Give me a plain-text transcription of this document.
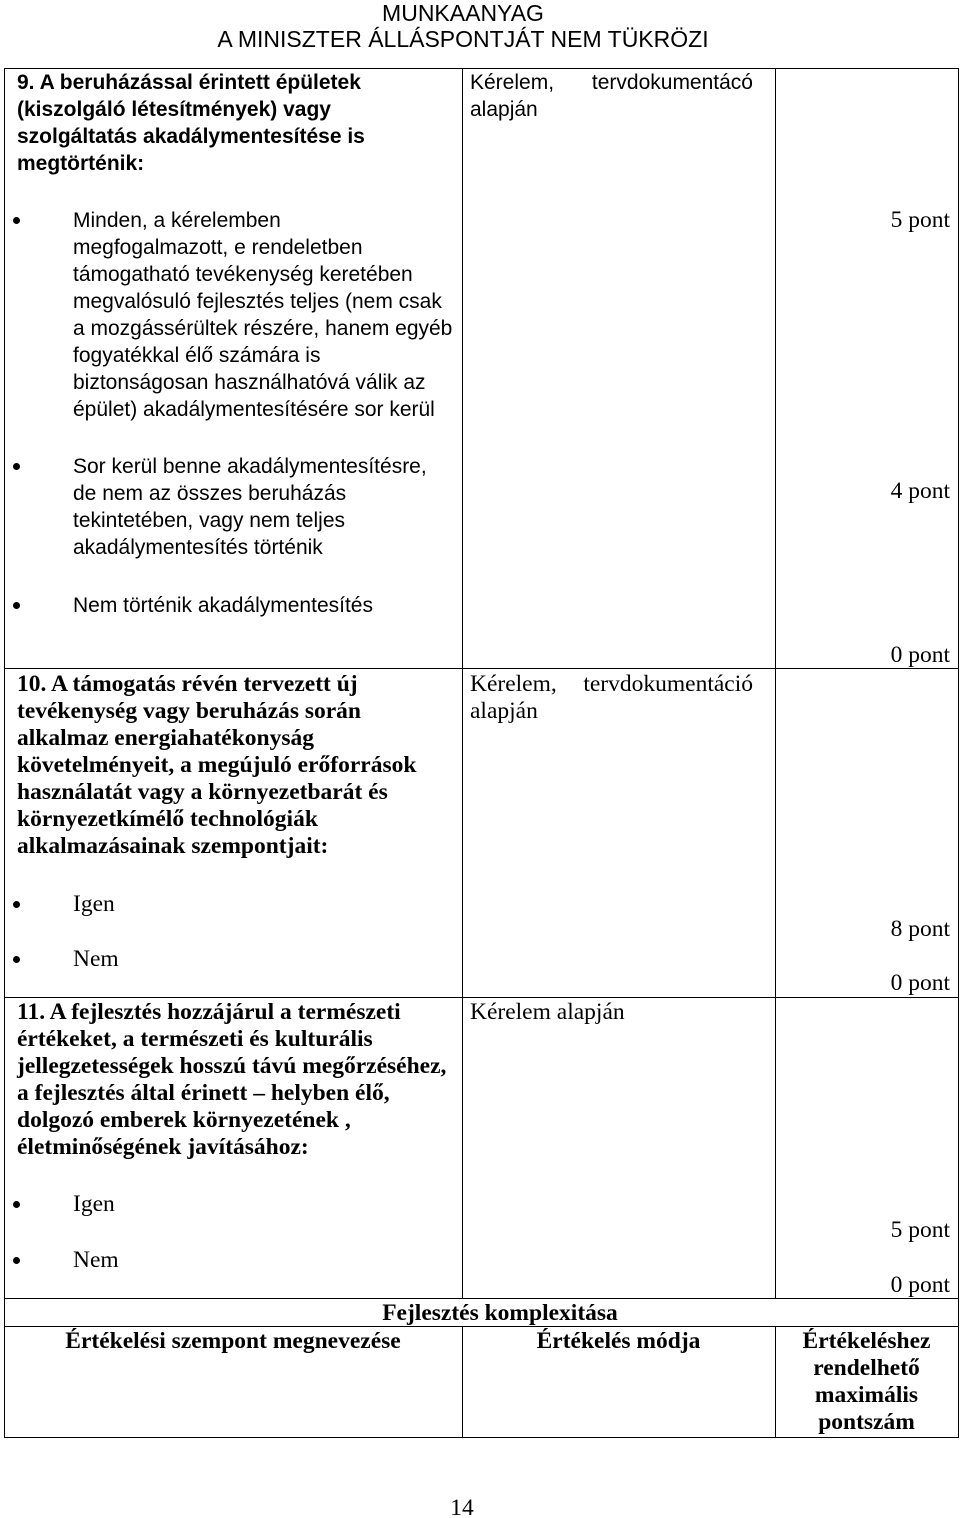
MUNKAANYAG
A MINISZTER ÁLLÁSPONTJÁT NEM TÜKRÖZI
9. A beruházással érintett épületek
(kiszolgáló létesítmények) vagy
szolgáltatás akadálymentesítése is
megtörténik:
Kérelem, tervdokumentácó alapján
Minden, a kérelemben
megfogalmazott, e rendeletben
támogatható tevékenység keretében
megvalósuló fejlesztés teljes (nem csak
a mozgássérültek részére, hanem egyéb
fogyatékkal élő számára is
biztonságosan használhatóvá válik az
épület) akadálymentesítésére sor kerül
5 pont
Sor kerül benne akadálymentesítésre,
de nem az összes beruházás
tekintetében, vagy nem teljes
akadálymentesítés történik
4 pont
Nem történik akadálymentesítés
0 pont
10. A támogatás révén tervezett új
tevékenység vagy beruházás során
alkalmaz energiahatékonyság
követelményeit, a megújuló erőforrások
használatát vagy a környezetbarát és
környezetkímélő technológiák
alkalmazásainak szempontjait:
Kérelem, tervdokumentáció alapján
Igen
8 pont
Nem
0 pont
11. A fejlesztés hozzájárul a természeti
értékeket, a természeti és kulturális
jellegzetességek hosszú távú megőrzéséhez,
a fejlesztés által érinett – helyben élő,
dolgozó emberek környezetének ,
életminőségének javításához:
Kérelem alapján
Igen
5 pont
Nem
0 pont
Fejlesztés komplexitása
Értékelési szempont megnevezése	Értékelés módja	Értékeléshez
rendelhető
maximális
pontszám
14
